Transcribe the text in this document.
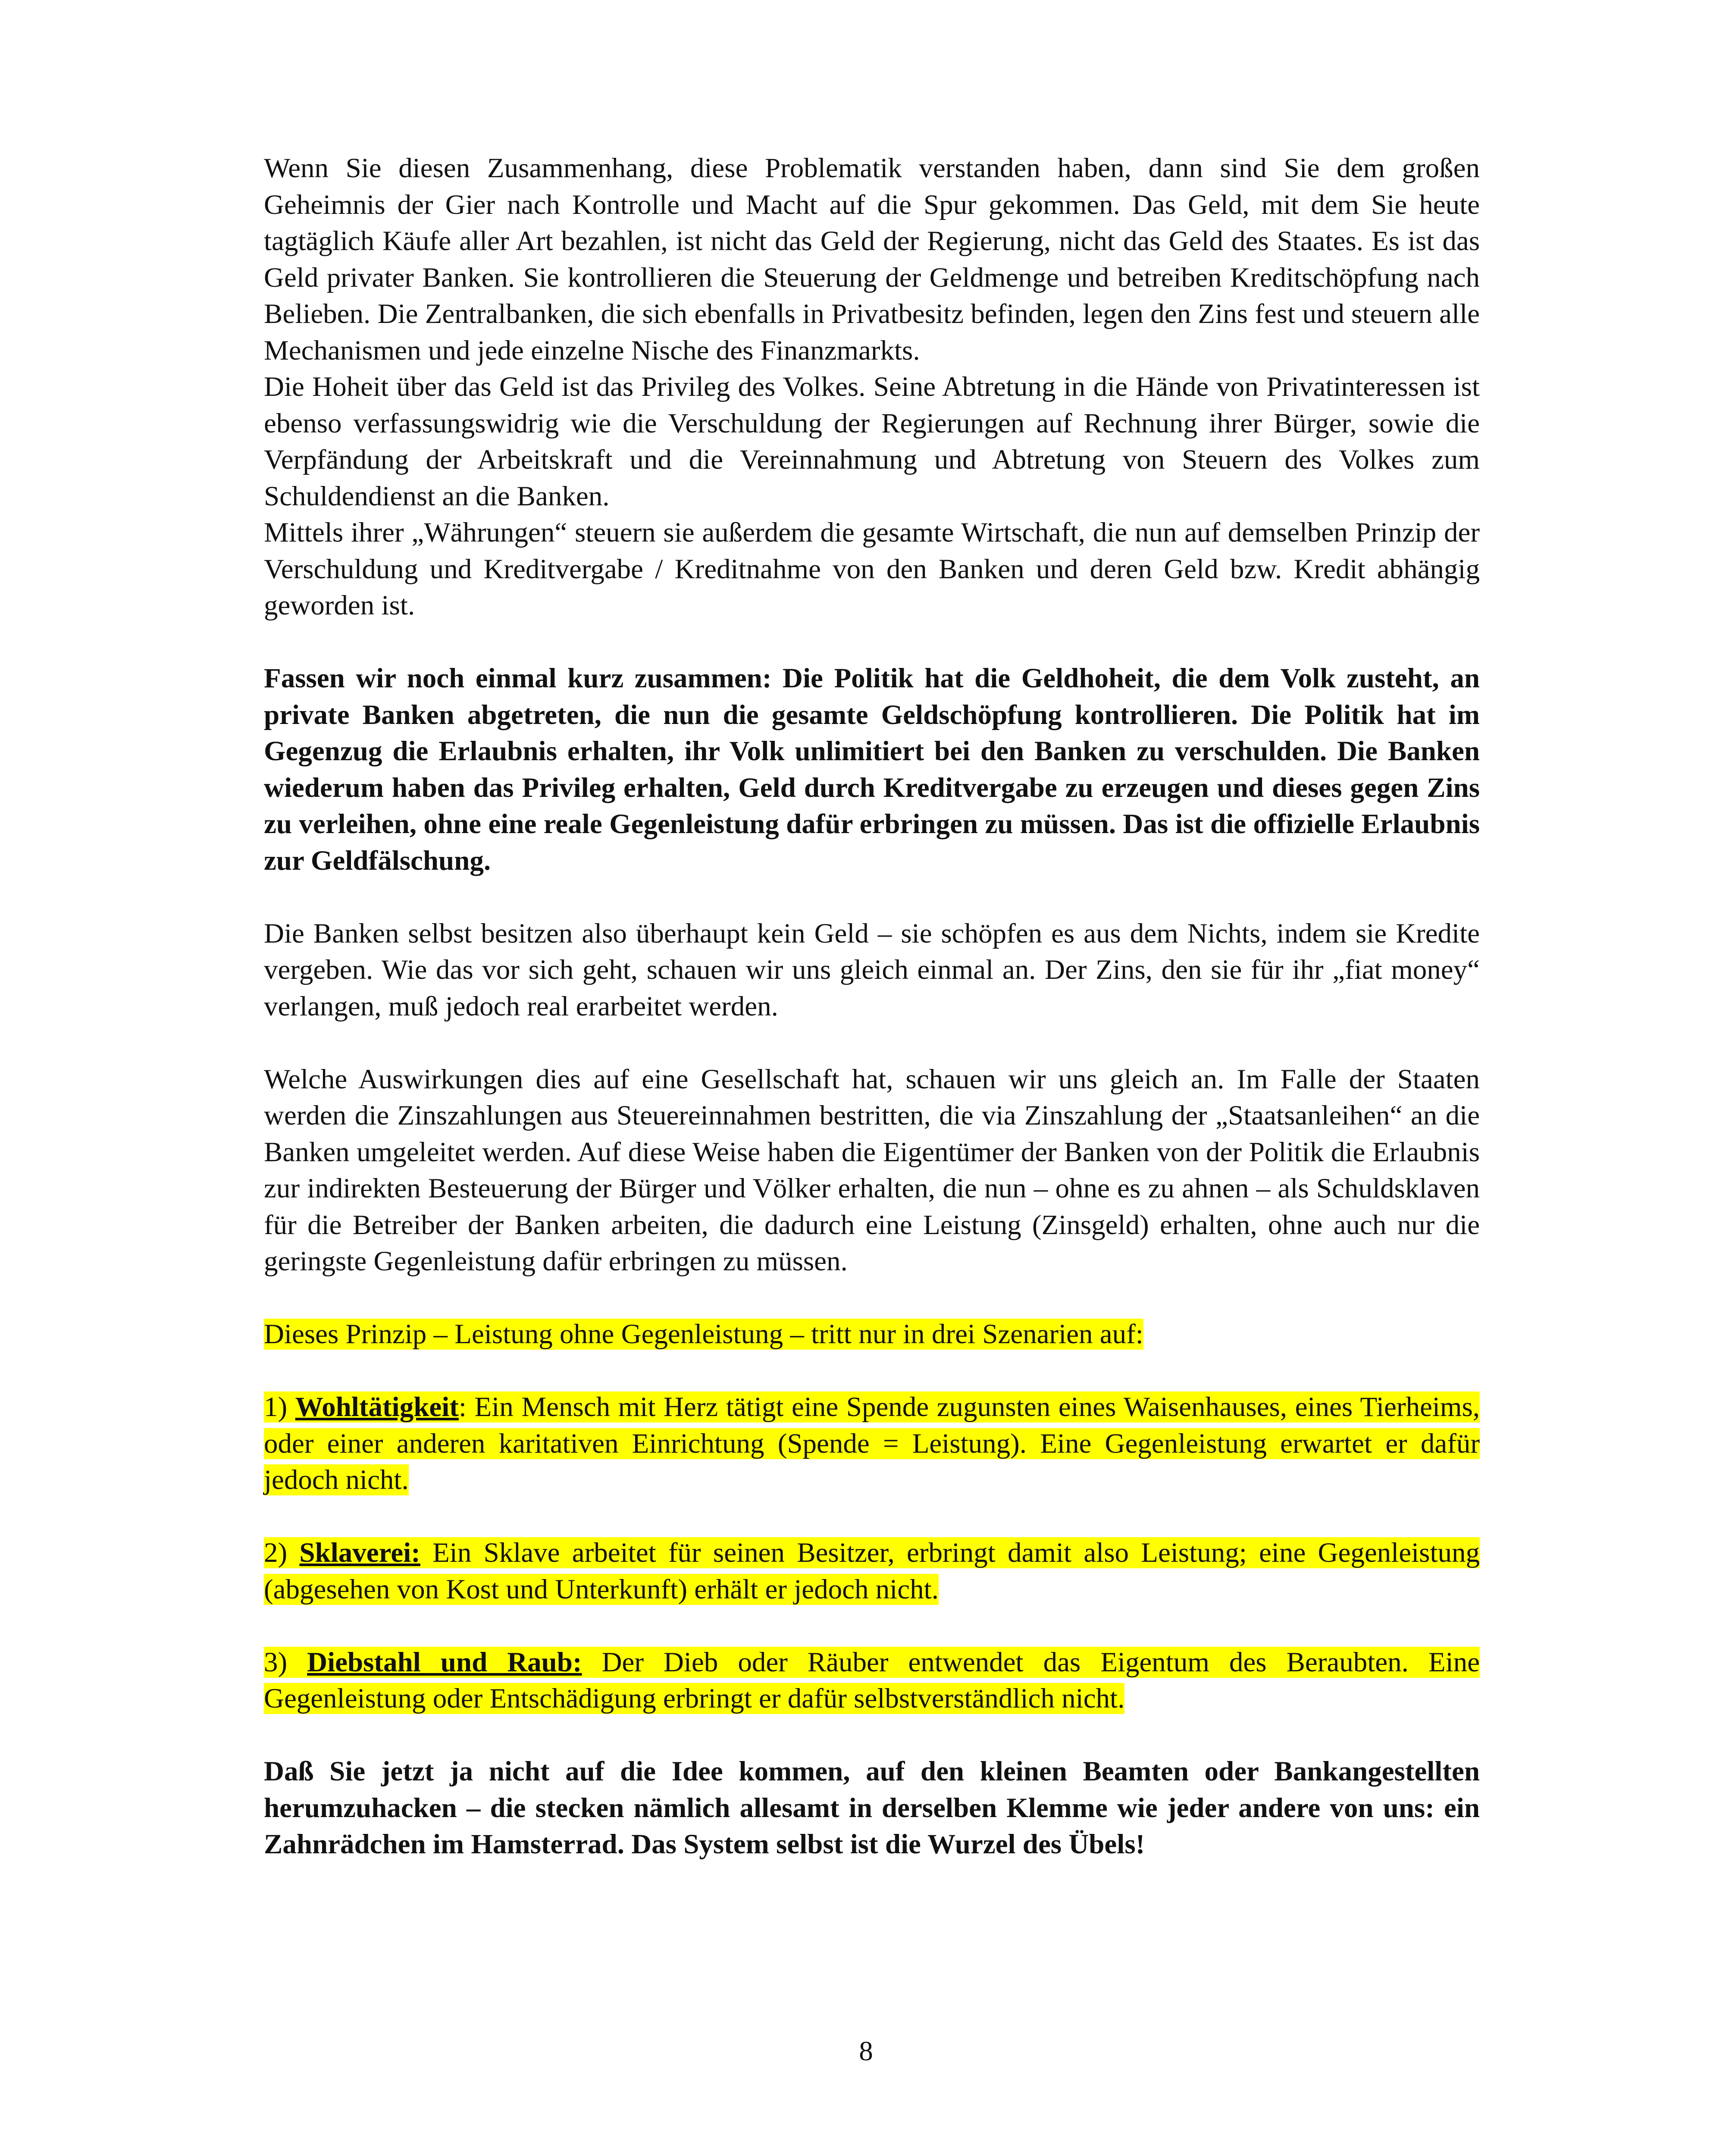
Wenn Sie diesen Zusammenhang, diese Problematik verstanden haben, dann sind Sie dem großen Geheimnis der Gier nach Kontrolle und Macht auf die Spur gekommen. Das Geld, mit dem Sie heute tagtäglich Käufe aller Art bezahlen, ist nicht das Geld der Regierung, nicht das Geld des Staates. Es ist das Geld privater Banken. Sie kontrollieren die Steuerung der Geldmenge und betreiben Kreditschöpfung nach Belieben. Die Zentralbanken, die sich ebenfalls in Privatbesitz befinden, legen den Zins fest und steuern alle Mechanismen und jede einzelne Nische des Finanzmarkts.

Die Hoheit über das Geld ist das Privileg des Volkes. Seine Abtretung in die Hände von Privatinteressen ist ebenso verfassungswidrig wie die Verschuldung der Regierungen auf Rechnung ihrer Bürger, sowie die Verpfändung der Arbeitskraft und die Vereinnahmung und Abtretung von Steuern des Volkes zum Schuldendienst an die Banken.

Mittels ihrer „Währungen“ steuern sie außerdem die gesamte Wirtschaft, die nun auf demselben Prinzip der Verschuldung und Kreditvergabe / Kreditnahme von den Banken und deren Geld bzw. Kredit abhängig geworden ist.

Fassen wir noch einmal kurz zusammen: Die Politik hat die Geldhoheit, die dem Volk zusteht, an private Banken abgetreten, die nun die gesamte Geldschöpfung kontrollieren. Die Politik hat im Gegenzug die Erlaubnis erhalten, ihr Volk unlimitiert bei den Banken zu verschulden. Die Banken wiederum haben das Privileg erhalten, Geld durch Kreditvergabe zu erzeugen und dieses gegen Zins zu verleihen, ohne eine reale Gegenleistung dafür erbringen zu müssen. Das ist die offizielle Erlaubnis zur Geldfälschung.

Die Banken selbst besitzen also überhaupt kein Geld – sie schöpfen es aus dem Nichts, indem sie Kredite vergeben. Wie das vor sich geht, schauen wir uns gleich einmal an. Der Zins, den sie für ihr „fiat money“ verlangen, muß jedoch real erarbeitet werden.

Welche Auswirkungen dies auf eine Gesellschaft hat, schauen wir uns gleich an. Im Falle der Staaten werden die Zinszahlungen aus Steuereinnahmen bestritten, die via Zinszahlung der „Staatsanleihen“ an die Banken umgeleitet werden. Auf diese Weise haben die Eigentümer der Banken von der Politik die Erlaubnis zur indirekten Besteuerung der Bürger und Völker erhalten, die nun – ohne es zu ahnen – als Schuldsklaven für die Betreiber der Banken arbeiten, die dadurch eine Leistung (Zinsgeld) erhalten, ohne auch nur die geringste Gegenleistung dafür erbringen zu müssen.

Dieses Prinzip – Leistung ohne Gegenleistung – tritt nur in drei Szenarien auf:

1) Wohltätigkeit: Ein Mensch mit Herz tätigt eine Spende zugunsten eines Waisenhauses, eines Tierheims, oder einer anderen karitativen Einrichtung (Spende = Leistung). Eine Gegenleistung erwartet er dafür jedoch nicht.

2) Sklaverei: Ein Sklave arbeitet für seinen Besitzer, erbringt damit also Leistung; eine Gegenleistung (abgesehen von Kost und Unterkunft) erhält er jedoch nicht.

3) Diebstahl und Raub: Der Dieb oder Räuber entwendet das Eigentum des Beraubten. Eine Gegenleistung oder Entschädigung erbringt er dafür selbstverständlich nicht.

Daß Sie jetzt ja nicht auf die Idee kommen, auf den kleinen Beamten oder Bankangestellten herumzuhacken – die stecken nämlich allesamt in derselben Klemme wie jeder andere von uns: ein Zahnrädchen im Hamsterrad. Das System selbst ist die Wurzel des Übels!

8
